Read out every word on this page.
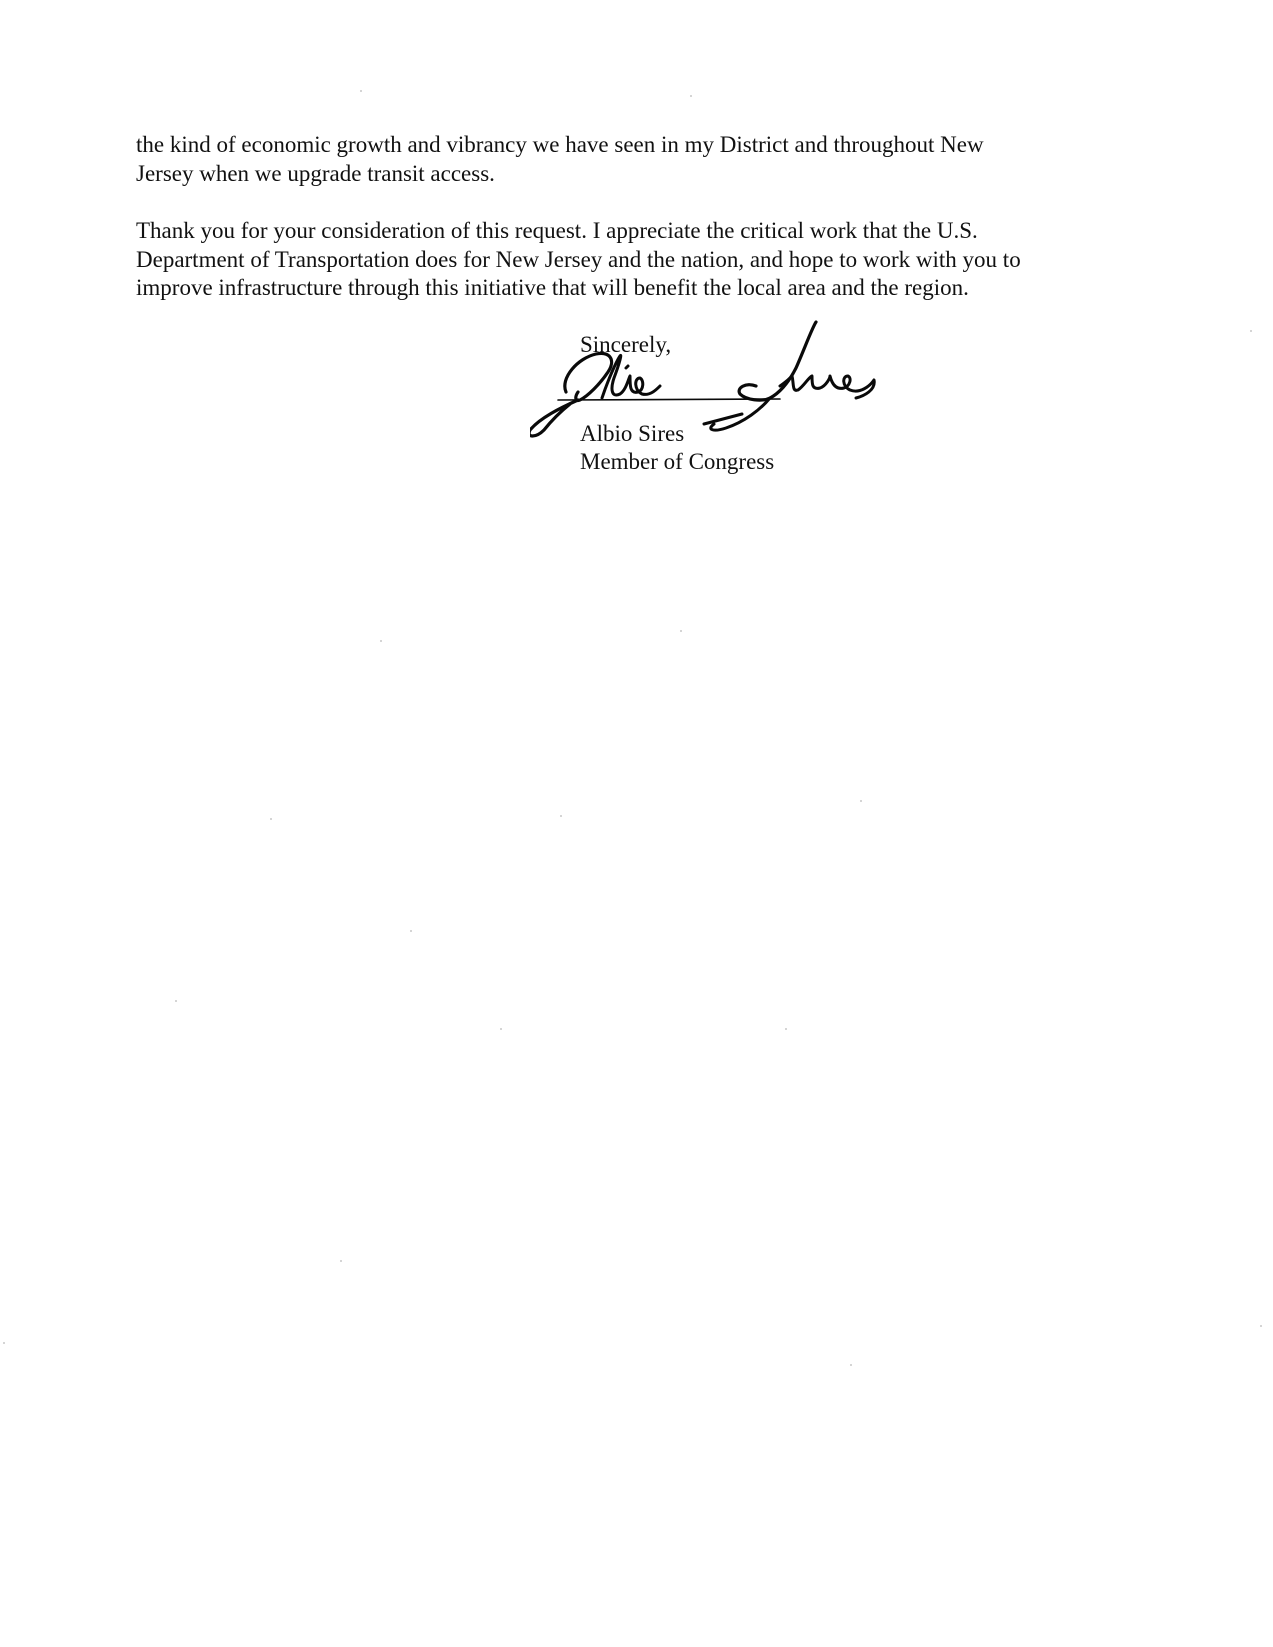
the kind of economic growth and vibrancy we have seen in my District and throughout New
Jersey when we upgrade transit access.

Thank you for your consideration of this request. I appreciate the critical work that the U.S.
Department of Transportation does for New Jersey and the nation, and hope to work with you to
improve infrastructure through this initiative that will benefit the local area and the region.

Sincerely,
Albio Sires
Member of Congress
